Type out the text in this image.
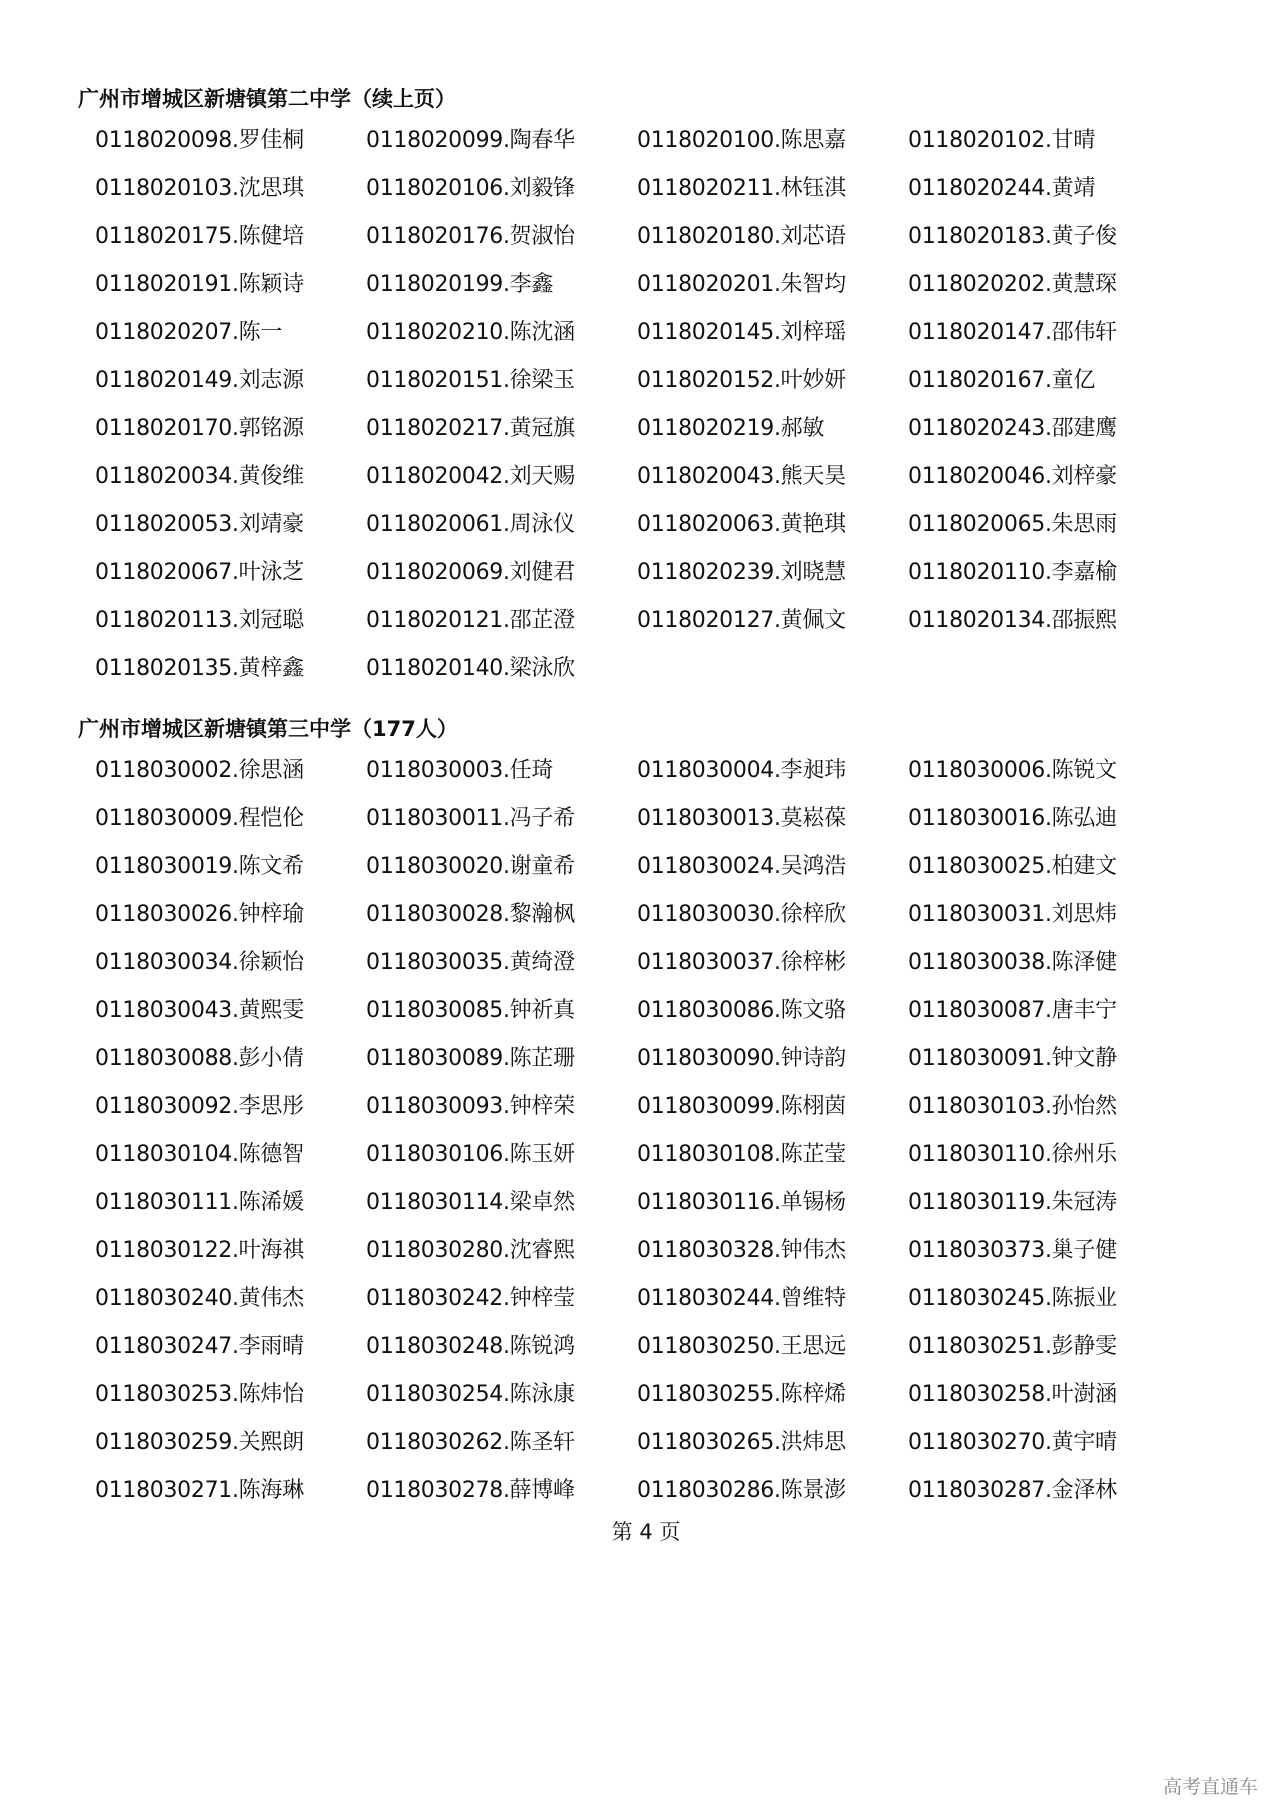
广州市增城区新塘镇第二中学（续上页）
0118020098.罗佳桐	0118020099.陶春华	0118020100.陈思嘉	0118020102.甘晴
0118020103.沈思琪	0118020106.刘毅锋	0118020211.林钰淇	0118020244.黄靖
0118020175.陈健培	0118020176.贺淑怡	0118020180.刘芯语	0118020183.黄子俊
0118020191.陈颖诗	0118020199.李鑫	0118020201.朱智均	0118020202.黄慧琛
0118020207.陈一	0118020210.陈沈涵	0118020145.刘梓瑶	0118020147.邵伟轩
0118020149.刘志源	0118020151.徐梁玉	0118020152.叶妙妍	0118020167.童亿
0118020170.郭铭源	0118020217.黄冠旗	0118020219.郝敏	0118020243.邵建鹰
0118020034.黄俊维	0118020042.刘天赐	0118020043.熊天昊	0118020046.刘梓豪
0118020053.刘靖豪	0118020061.周泳仪	0118020063.黄艳琪	0118020065.朱思雨
0118020067.叶泳芝	0118020069.刘健君	0118020239.刘晓慧	0118020110.李嘉榆
0118020113.刘冠聪	0118020121.邵芷澄	0118020127.黄佩文	0118020134.邵振熙
0118020135.黄梓鑫	0118020140.梁泳欣
广州市增城区新塘镇第三中学（177人）
0118030002.徐思涵	0118030003.任琦	0118030004.李昶玮	0118030006.陈锐文
0118030009.程恺伦	0118030011.冯子希	0118030013.莫崧葆	0118030016.陈弘迪
0118030019.陈文希	0118030020.谢童希	0118030024.吴鸿浩	0118030025.柏建文
0118030026.钟梓瑜	0118030028.黎瀚枫	0118030030.徐梓欣	0118030031.刘思炜
0118030034.徐颖怡	0118030035.黄绮澄	0118030037.徐梓彬	0118030038.陈泽健
0118030043.黄熙雯	0118030085.钟祈真	0118030086.陈文骆	0118030087.唐丰宁
0118030088.彭小倩	0118030089.陈芷珊	0118030090.钟诗韵	0118030091.钟文静
0118030092.李思彤	0118030093.钟梓荣	0118030099.陈栩茵	0118030103.孙怡然
0118030104.陈德智	0118030106.陈玉妍	0118030108.陈芷莹	0118030110.徐州乐
0118030111.陈浠媛	0118030114.梁卓然	0118030116.单锡杨	0118030119.朱冠涛
0118030122.叶海祺	0118030280.沈睿熙	0118030328.钟伟杰	0118030373.巢子健
0118030240.黄伟杰	0118030242.钟梓莹	0118030244.曾维特	0118030245.陈振业
0118030247.李雨晴	0118030248.陈锐鸿	0118030250.王思远	0118030251.彭静雯
0118030253.陈炜怡	0118030254.陈泳康	0118030255.陈梓烯	0118030258.叶澍涵
0118030259.关熙朗	0118030262.陈圣轩	0118030265.洪炜思	0118030270.黄宇晴
0118030271.陈海琳	0118030278.薛博峰	0118030286.陈景澎	0118030287.金泽林
第 4 页
高考直通车
